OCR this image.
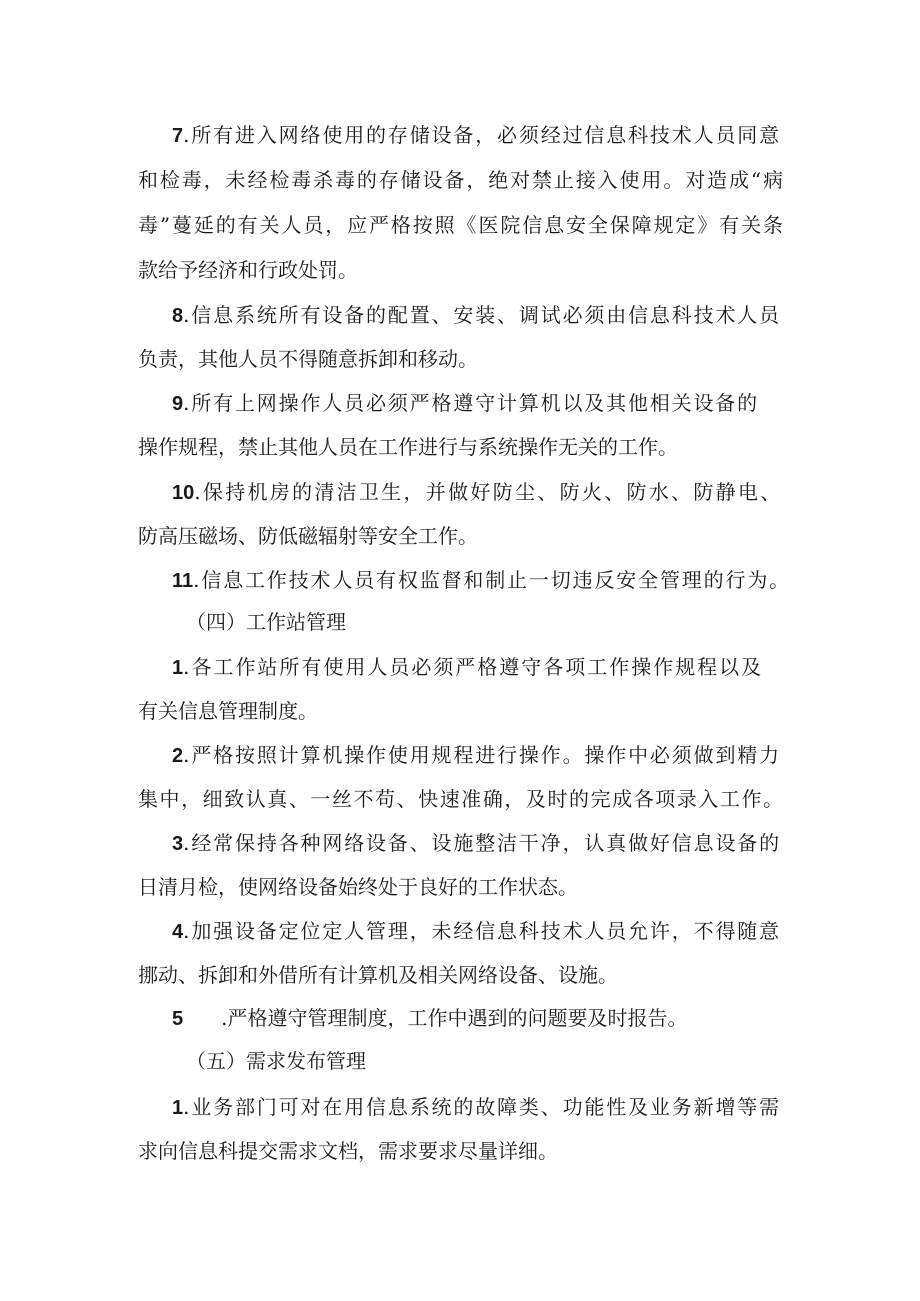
7.所有进入网络使用的存储设备，必须经过信息科技术人员同意
和检毒，未经检毒杀毒的存储设备，绝对禁止接入使用。对造成“病
毒”蔓延的有关人员，应严格按照《医院信息安全保障规定》有关条
款给予经济和行政处罚。
8.信息系统所有设备的配置、安装、调试必须由信息科技术人员
负责，其他人员不得随意拆卸和移动。
9.所有上网操作人员必须严格遵守计算机以及其他相关设备的
操作规程，禁止其他人员在工作进行与系统操作无关的工作。
10.保持机房的清洁卫生，并做好防尘、防火、防水、防静电、
防高压磁场、防低磁辐射等安全工作。
11.信息工作技术人员有权监督和制止一切违反安全管理的行为。
（四）工作站管理
1.各工作站所有使用人员必须严格遵守各项工作操作规程以及
有关信息管理制度。
2.严格按照计算机操作使用规程进行操作。操作中必须做到精力
集中，细致认真、一丝不苟、快速准确，及时的完成各项录入工作。
3.经常保持各种网络设备、设施整洁干净，认真做好信息设备的
日清月检，使网络设备始终处于良好的工作状态。
4.加强设备定位定人管理，未经信息科技术人员允许，不得随意
挪动、拆卸和外借所有计算机及相关网络设备、设施。
5 .严格遵守管理制度，工作中遇到的问题要及时报告。
（五）需求发布管理
1.业务部门可对在用信息系统的故障类、功能性及业务新增等需
求向信息科提交需求文档，需求要求尽量详细。
